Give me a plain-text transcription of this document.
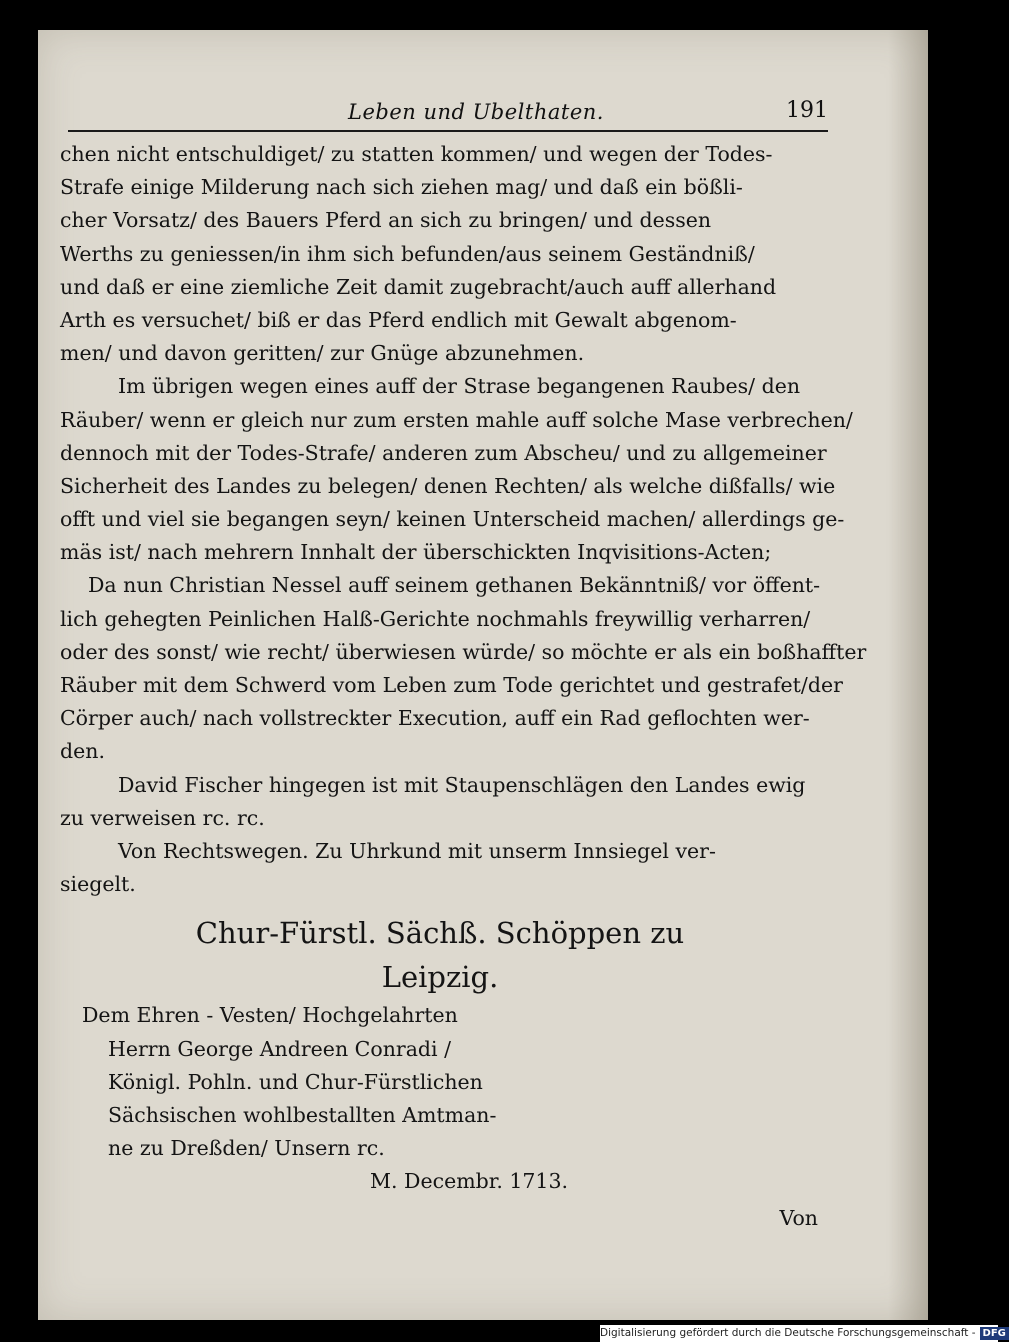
Leben und Ubelthaten.	191
chen nicht entschuldiget/ zu statten kommen/ und wegen der Todes-
Strafe einige Milderung nach sich ziehen mag/ und daß ein bößli-
cher Vorsatz/ des Bauers Pferd an sich zu bringen/ und dessen
Werths zu geniessen/in ihm sich befunden/aus seinem Geständniß/
und daß er eine ziemliche Zeit damit zugebracht/auch auff allerhand
Arth es versuchet/ biß er das Pferd endlich mit Gewalt abgenom-
men/ und davon geritten/ zur Gnüge abzunehmen.
Im übrigen wegen eines auff der Strase begangenen Raubes/ den
Räuber/ wenn er gleich nur zum ersten mahle auff solche Mase verbrechen/
dennoch mit der Todes-Strafe/ anderen zum Abscheu/ und zu allgemeiner
Sicherheit des Landes zu belegen/ denen Rechten/ als welche dißfalls/ wie
offt und viel sie begangen seyn/ keinen Unterscheid machen/ allerdings ge-
mäs ist/ nach mehrern Innhalt der überschickten Inqvisitions-Acten;
Da nun Christian Nessel auff seinem gethanen Bekänntniß/ vor öffent-
lich gehegten Peinlichen Halß-Gerichte nochmahls freywillig verharren/
oder des sonst/ wie recht/ überwiesen würde/ so möchte er als ein boßhaffter
Räuber mit dem Schwerd vom Leben zum Tode gerichtet und gestrafet/der
Cörper auch/ nach vollstreckter Execution, auff ein Rad geflochten wer-
den.
David Fischer hingegen ist mit Staupenschlägen den Landes ewig
zu verweisen rc. rc.
Von Rechtswegen. Zu Uhrkund mit unserm Innsiegel ver-
siegelt.
Chur-Fürstl. Sächß. Schöppen zu
Leipzig.
Dem Ehren - Vesten/ Hochgelahrten
Herrn George Andreen Conradi /
Königl. Pohln. und Chur-Fürstlichen
Sächsischen wohlbestallten Amtman-
ne zu Dreßden/ Unsern rc.
M. Decembr. 1713.
Von
Digitalisierung gefördert durch die Deutsche Forschungsgemeinschaft - DFG
